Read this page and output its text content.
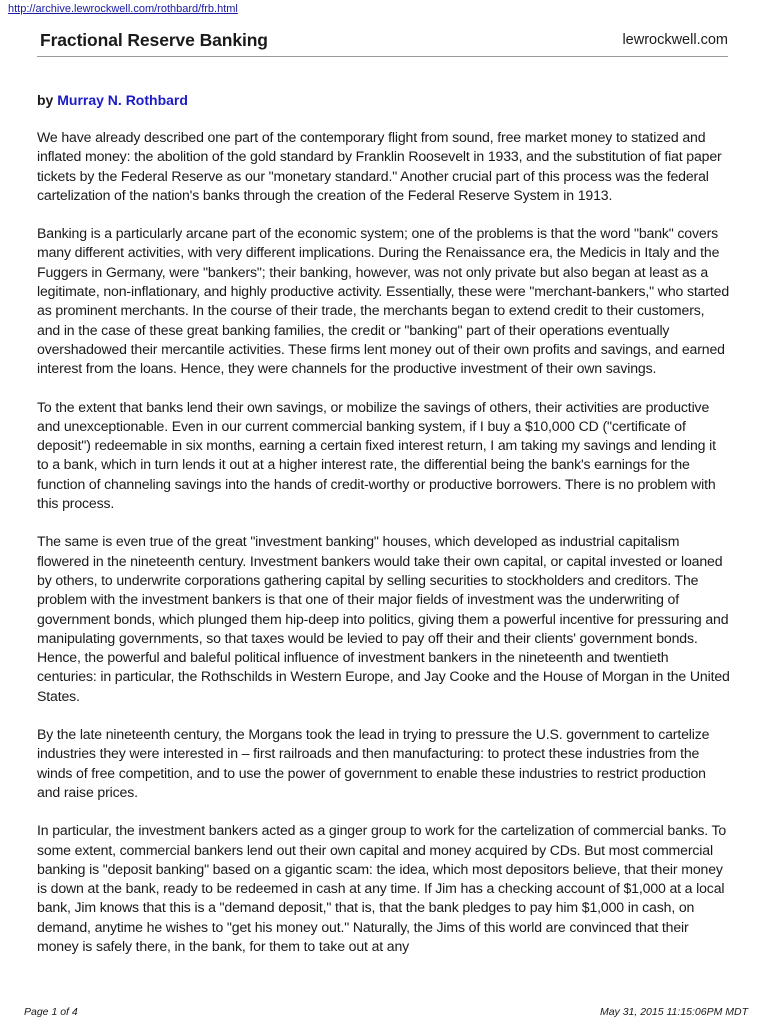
http://archive.lewrockwell.com/rothbard/frb.html
Fractional Reserve Banking	lewrockwell.com
by Murray N. Rothbard

We have already described one part of the contemporary flight from sound, free market money to statized and inflated money: the abolition of the gold standard by Franklin Roosevelt in 1933, and the substitution of fiat paper tickets by the Federal Reserve as our "monetary standard." Another crucial part of this process was the federal cartelization of the nation's banks through the creation of the Federal Reserve System in 1913.

Banking is a particularly arcane part of the economic system; one of the problems is that the word "bank" covers many different activities, with very different implications. During the Renaissance era, the Medicis in Italy and the Fuggers in Germany, were "bankers"; their banking, however, was not only private but also began at least as a legitimate, non-inflationary, and highly productive activity. Essentially, these were "merchant-bankers," who started as prominent merchants. In the course of their trade, the merchants began to extend credit to their customers, and in the case of these great banking families, the credit or "banking" part of their operations eventually overshadowed their mercantile activities. These firms lent money out of their own profits and savings, and earned interest from the loans. Hence, they were channels for the productive investment of their own savings.

To the extent that banks lend their own savings, or mobilize the savings of others, their activities are productive and unexceptionable. Even in our current commercial banking system, if I buy a $10,000 CD ("certificate of deposit") redeemable in six months, earning a certain fixed interest return, I am taking my savings and lending it to a bank, which in turn lends it out at a higher interest rate, the differential being the bank's earnings for the function of channeling savings into the hands of credit-worthy or productive borrowers. There is no problem with this process.

The same is even true of the great "investment banking" houses, which developed as industrial capitalism flowered in the nineteenth century. Investment bankers would take their own capital, or capital invested or loaned by others, to underwrite corporations gathering capital by selling securities to stockholders and creditors. The problem with the investment bankers is that one of their major fields of investment was the underwriting of government bonds, which plunged them hip-deep into politics, giving them a powerful incentive for pressuring and manipulating governments, so that taxes would be levied to pay off their and their clients' government bonds. Hence, the powerful and baleful political influence of investment bankers in the nineteenth and twentieth centuries: in particular, the Rothschilds in Western Europe, and Jay Cooke and the House of Morgan in the United States.

By the late nineteenth century, the Morgans took the lead in trying to pressure the U.S. government to cartelize industries they were interested in – first railroads and then manufacturing: to protect these industries from the winds of free competition, and to use the power of government to enable these industries to restrict production and raise prices.

In particular, the investment bankers acted as a ginger group to work for the cartelization of commercial banks. To some extent, commercial bankers lend out their own capital and money acquired by CDs. But most commercial banking is "deposit banking" based on a gigantic scam: the idea, which most depositors believe, that their money is down at the bank, ready to be redeemed in cash at any time. If Jim has a checking account of $1,000 at a local bank, Jim knows that this is a "demand deposit," that is, that the bank pledges to pay him $1,000 in cash, on demand, anytime he wishes to "get his money out." Naturally, the Jims of this world are convinced that their money is safely there, in the bank, for them to take out at any

Page 1 of 4	May 31, 2015 11:15:06PM MDT
